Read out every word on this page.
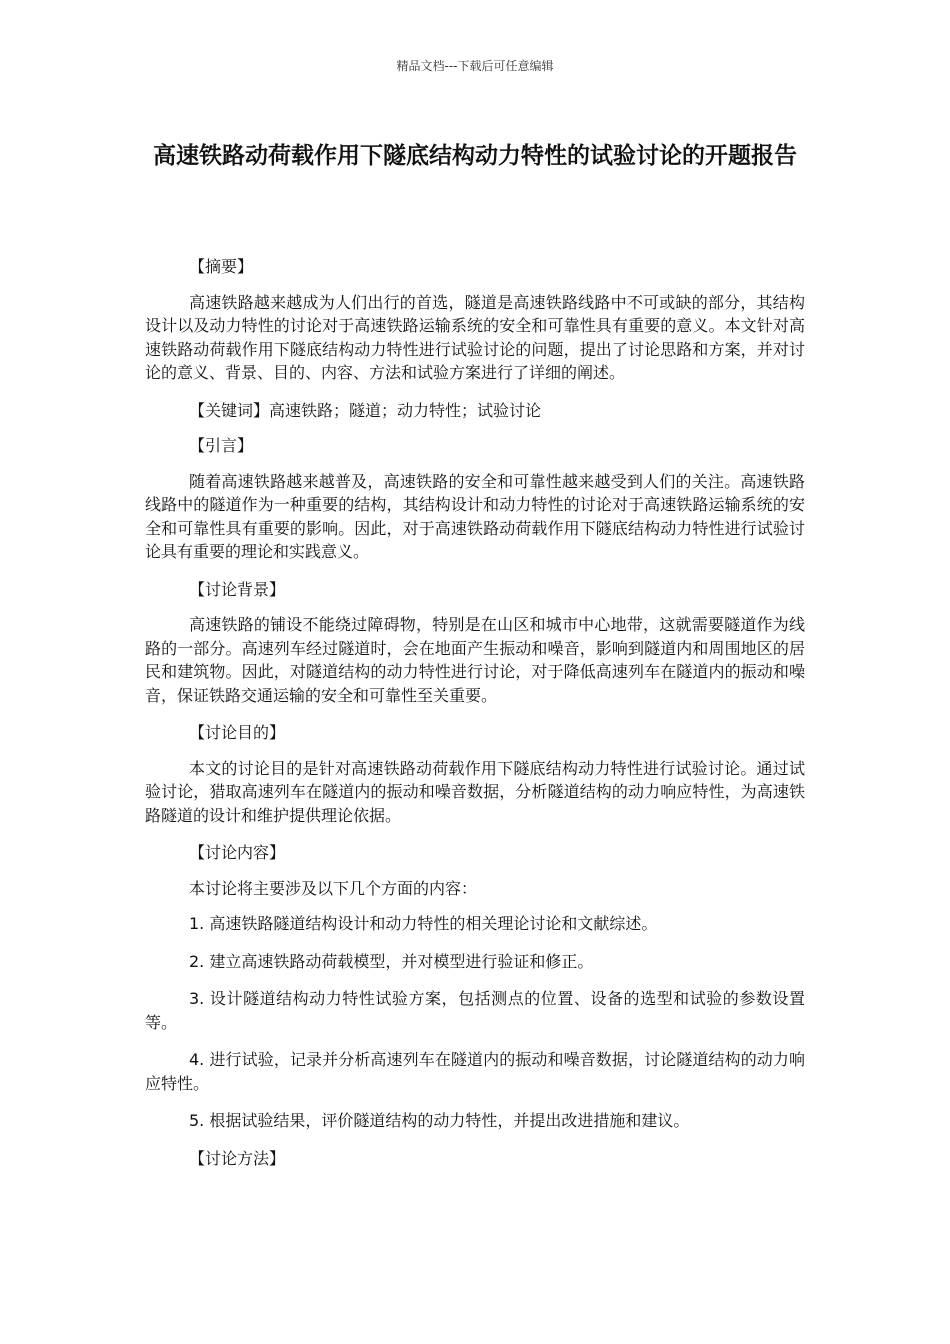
精品文档---下载后可任意编辑
高速铁路动荷载作用下隧底结构动力特性的试验讨论的开题报告

【摘要】

高速铁路越来越成为人们出行的首选，隧道是高速铁路线路中不可或缺的部分，其结构设计以及动力特性的讨论对于高速铁路运输系统的安全和可靠性具有重要的意义。本文针对高速铁路动荷载作用下隧底结构动力特性进行试验讨论的问题，提出了讨论思路和方案，并对讨论的意义、背景、目的、内容、方法和试验方案进行了详细的阐述。

【关键词】高速铁路；隧道；动力特性；试验讨论

【引言】

随着高速铁路越来越普及，高速铁路的安全和可靠性越来越受到人们的关注。高速铁路线路中的隧道作为一种重要的结构，其结构设计和动力特性的讨论对于高速铁路运输系统的安全和可靠性具有重要的影响。因此，对于高速铁路动荷载作用下隧底结构动力特性进行试验讨论具有重要的理论和实践意义。

【讨论背景】

高速铁路的铺设不能绕过障碍物，特别是在山区和城市中心地带，这就需要隧道作为线路的一部分。高速列车经过隧道时，会在地面产生振动和噪音，影响到隧道内和周围地区的居民和建筑物。因此，对隧道结构的动力特性进行讨论，对于降低高速列车在隧道内的振动和噪音，保证铁路交通运输的安全和可靠性至关重要。

【讨论目的】

本文的讨论目的是针对高速铁路动荷载作用下隧底结构动力特性进行试验讨论。通过试验讨论，猎取高速列车在隧道内的振动和噪音数据，分析隧道结构的动力响应特性，为高速铁路隧道的设计和维护提供理论依据。

【讨论内容】

本讨论将主要涉及以下几个方面的内容：

1. 高速铁路隧道结构设计和动力特性的相关理论讨论和文献综述。

2. 建立高速铁路动荷载模型，并对模型进行验证和修正。

3. 设计隧道结构动力特性试验方案，包括测点的位置、设备的选型和试验的参数设置等。

4. 进行试验，记录并分析高速列车在隧道内的振动和噪音数据，讨论隧道结构的动力响应特性。

5. 根据试验结果，评价隧道结构的动力特性，并提出改进措施和建议。

【讨论方法】
